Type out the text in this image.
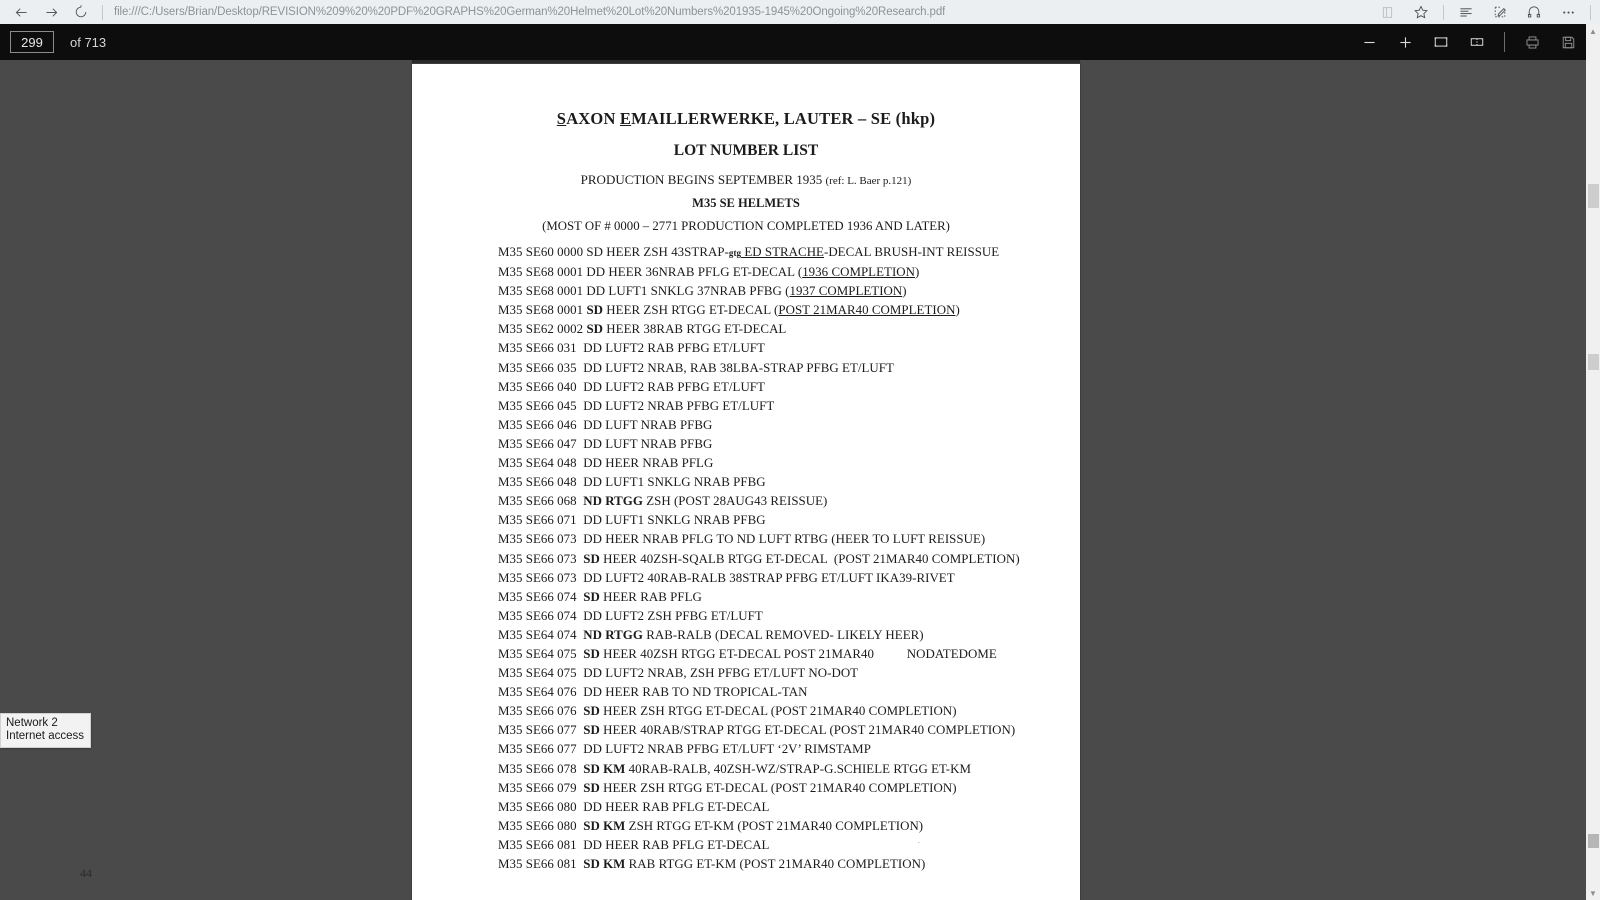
file:///C:/Users/Brian/Desktop/REVISION%209%20%20PDF%20GRAPHS%20German%20Helmet%20Lot%20Numbers%201935-1945%20Ongoing%20Research.pdf
299
of 713
SAXON EMAILLERWERKE, LAUTER – SE (hkp)
LOT NUMBER LIST
PRODUCTION BEGINS SEPTEMBER 1935 (ref: L. Baer p.121)
M35 SE HELMETS
(MOST OF # 0000 – 2771 PRODUCTION COMPLETED 1936 AND LATER)
M35 SE60 0000 SD HEER ZSH 43STRAP-gtg ED STRACHE-DECAL BRUSH-INT REISSUE
M35 SE68 0001 DD HEER 36NRAB PFLG ET-DECAL (1936 COMPLETION)
M35 SE68 0001 DD LUFT1 SNKLG 37NRAB PFBG (1937 COMPLETION)
M35 SE68 0001 SD HEER ZSH RTGG ET-DECAL (POST 21MAR40 COMPLETION)
M35 SE62 0002 SD HEER 38RAB RTGG ET-DECAL
M35 SE66 031  DD LUFT2 RAB PFBG ET/LUFT
M35 SE66 035  DD LUFT2 NRAB, RAB 38LBA-STRAP PFBG ET/LUFT
M35 SE66 040  DD LUFT2 RAB PFBG ET/LUFT
M35 SE66 045  DD LUFT2 NRAB PFBG ET/LUFT
M35 SE66 046  DD LUFT NRAB PFBG
M35 SE66 047  DD LUFT NRAB PFBG
M35 SE64 048  DD HEER NRAB PFLG
M35 SE66 048  DD LUFT1 SNKLG NRAB PFBG
M35 SE66 068  ND RTGG ZSH (POST 28AUG43 REISSUE)
M35 SE66 071  DD LUFT1 SNKLG NRAB PFBG
M35 SE66 073  DD HEER NRAB PFLG TO ND LUFT RTBG (HEER TO LUFT REISSUE)
M35 SE66 073  SD HEER 40ZSH-SQALB RTGG ET-DECAL  (POST 21MAR40 COMPLETION)
M35 SE66 073  DD LUFT2 40RAB-RALB 38STRAP PFBG ET/LUFT IKA39-RIVET
M35 SE66 074  SD HEER RAB PFLG
M35 SE66 074  DD LUFT2 ZSH PFBG ET/LUFT
M35 SE64 074  ND RTGG RAB-RALB (DECAL REMOVED- LIKELY HEER)
M35 SE64 075  SD HEER 40ZSH RTGG ET-DECAL POST 21MAR40          NODATEDOME
M35 SE64 075  DD LUFT2 NRAB, ZSH PFBG ET/LUFT NO-DOT
M35 SE64 076  DD HEER RAB TO ND TROPICAL-TAN
M35 SE66 076  SD HEER ZSH RTGG ET-DECAL (POST 21MAR40 COMPLETION)
M35 SE66 077  SD HEER 40RAB/STRAP RTGG ET-DECAL (POST 21MAR40 COMPLETION)
M35 SE66 077  DD LUFT2 NRAB PFBG ET/LUFT ‘2V’ RIMSTAMP
M35 SE66 078  SD KM 40RAB-RALB, 40ZSH-WZ/STRAP-G.SCHIELE RTGG ET-KM
M35 SE66 079  SD HEER ZSH RTGG ET-DECAL (POST 21MAR40 COMPLETION)
M35 SE66 080  DD HEER RAB PFLG ET-DECAL
M35 SE66 080  SD KM ZSH RTGG ET-KM (POST 21MAR40 COMPLETION)
M35 SE66 081  DD HEER RAB PFLG ET-DECAL
M35 SE66 081  SD KM RAB RTGG ET-KM (POST 21MAR40 COMPLETION)
44
▲
▼
Network 2
Internet access
